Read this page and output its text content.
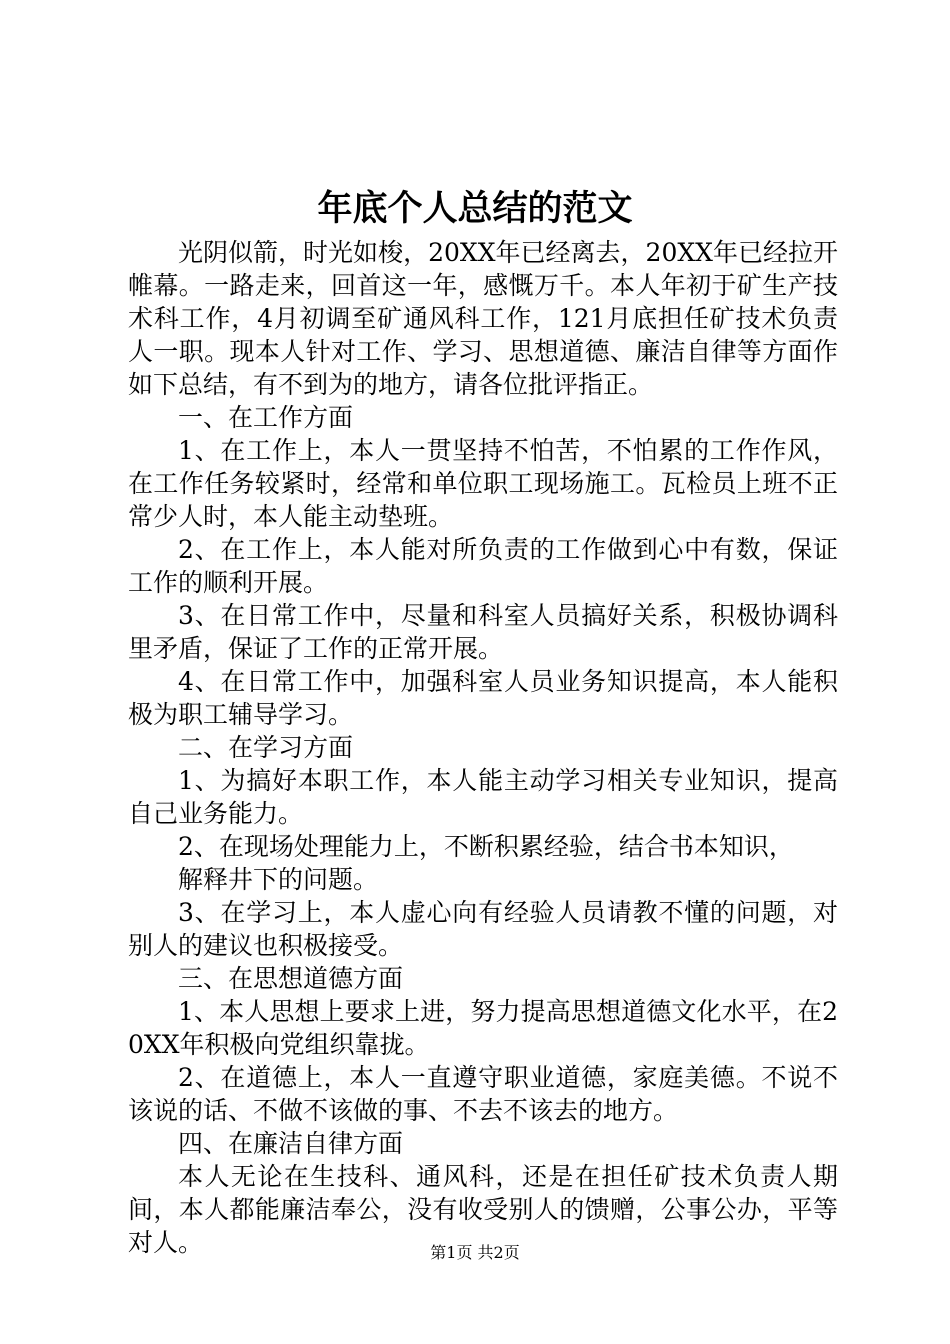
年底个人总结的范文

光阴似箭，时光如梭，20XX年已经离去，20XX年已经拉开帷幕。一路走来，回首这一年，感慨万千。本人年初于矿生产技术科工作，4月初调至矿通风科工作，121月底担任矿技术负责人一职。现本人针对工作、学习、思想道德、廉洁自律等方面作如下总结，有不到为的地方，请各位批评指正。

一、在工作方面

1、在工作上，本人一贯坚持不怕苦，不怕累的工作作风，在工作任务较紧时，经常和单位职工现场施工。瓦检员上班不正常少人时，本人能主动垫班。

2、在工作上，本人能对所负责的工作做到心中有数，保证工作的顺利开展。

3、在日常工作中，尽量和科室人员搞好关系，积极协调科里矛盾，保证了工作的正常开展。

4、在日常工作中，加强科室人员业务知识提高，本人能积极为职工辅导学习。

二、在学习方面

1、为搞好本职工作，本人能主动学习相关专业知识，提高自己业务能力。

2、在现场处理能力上，不断积累经验，结合书本知识，

解释井下的问题。

3、在学习上，本人虚心向有经验人员请教不懂的问题，对别人的建议也积极接受。

三、在思想道德方面

1、本人思想上要求上进，努力提高思想道德文化水平，在20XX年积极向党组织靠拢。

2、在道德上，本人一直遵守职业道德，家庭美德。不说不该说的话、不做不该做的事、不去不该去的地方。

四、在廉洁自律方面

本人无论在生技科、通风科，还是在担任矿技术负责人期间，本人都能廉洁奉公，没有收受别人的馈赠，公事公办，平等对人。	第1页 共2页
